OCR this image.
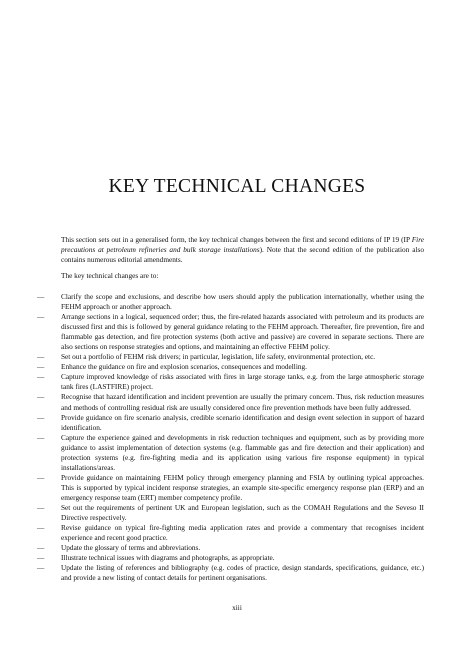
KEY TECHNICAL CHANGES

This section sets out in a generalised form, the key technical changes between the first and second editions of IP 19 (IP Fire precautions at petroleum refineries and bulk storage installations). Note that the second edition of the publication also contains numerous editorial amendments.

The key technical changes are to:

— Clarify the scope and exclusions, and describe how users should apply the publication internationally, whether using the FEHM approach or another approach.
— Arrange sections in a logical, sequenced order; thus, the fire-related hazards associated with petroleum and its products are discussed first and this is followed by general guidance relating to the FEHM approach. Thereafter, fire prevention, fire and flammable gas detection, and fire protection systems (both active and passive) are covered in separate sections. There are also sections on response strategies and options, and maintaining an effective FEHM policy.
— Set out a portfolio of FEHM risk drivers; in particular, legislation, life safety, environmental protection, etc.
— Enhance the guidance on fire and explosion scenarios, consequences and modelling.
— Capture improved knowledge of risks associated with fires in large storage tanks, e.g. from the large atmospheric storage tank fires (LASTFIRE) project.
— Recognise that hazard identification and incident prevention are usually the primary concern. Thus, risk reduction measures and methods of controlling residual risk are usually considered once fire prevention methods have been fully addressed.
— Provide guidance on fire scenario analysis, credible scenario identification and design event selection in support of hazard identification.
— Capture the experience gained and developments in risk reduction techniques and equipment, such as by providing more guidance to assist implementation of detection systems (e.g. flammable gas and fire detection and their application) and protection systems (e.g. fire-fighting media and its application using various fire response equipment) in typical installations/areas.
— Provide guidance on maintaining FEHM policy through emergency planning and FSIA by outlining typical approaches. This is supported by typical incident response strategies, an example site-specific emergency response plan (ERP) and an emergency response team (ERT) member competency profile.
— Set out the requirements of pertinent UK and European legislation, such as the COMAH Regulations and the Seveso II Directive respectively.
— Revise guidance on typical fire-fighting media application rates and provide a commentary that recognises incident experience and recent good practice.
— Update the glossary of terms and abbreviations.
— Illustrate technical issues with diagrams and photographs, as appropriate.
— Update the listing of references and bibliography (e.g. codes of practice, design standards, specifications, guidance, etc.) and provide a new listing of contact details for pertinent organisations.
xiii
